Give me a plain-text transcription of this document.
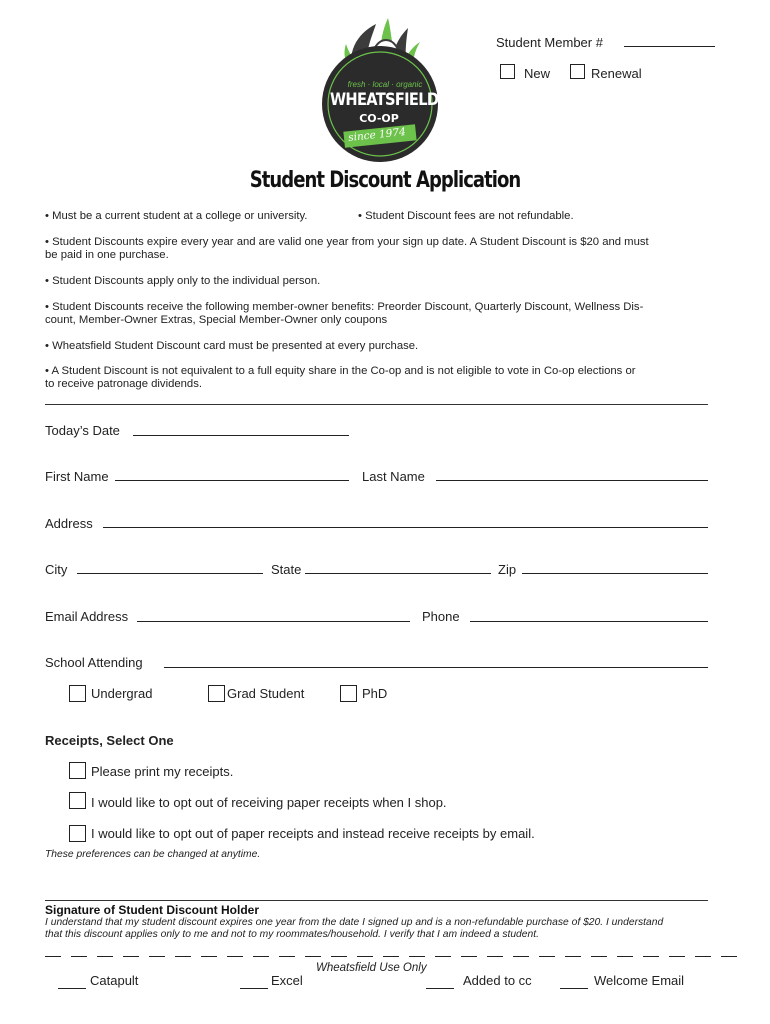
fresh · local · organic
WHEATSFIELD
CO-OP
since 1974
Student Member #
New	Renewal
Student Discount Application
• Must be a current student at a college or university.	• Student Discount fees are not refundable.
• Student Discounts expire every year and are valid one year from your sign up date. A Student Discount is $20 and must
be paid in one purchase.
• Student Discounts apply only to the individual person.
• Student Discounts receive the following member-owner benefits: Preorder Discount, Quarterly Discount, Wellness Dis-
count, Member-Owner Extras, Special Member-Owner only coupons
• Wheatsfield Student Discount card must be presented at every purchase.
• A Student Discount is not equivalent to a full equity share in the Co-op and is not eligible to vote in Co-op elections or
to receive patronage dividends.
Today’s Date
First Name	Last Name
Address
City	State	Zip
Email Address	Phone
School Attending
Undergrad	Grad Student	PhD
Receipts, Select One
Please print my receipts.
I would like to opt out of receiving paper receipts when I shop.
I would like to opt out of paper receipts and instead receive receipts by email.
These preferences can be changed at anytime.
Signature of Student Discount Holder
I understand that my student discount expires one year from the date I signed up and is a non-refundable purchase of $20. I understand
that this discount applies only to me and not to my roommates/household. I verify that I am indeed a student.
Wheatsfield Use Only
Catapult	Excel	Added to cc	Welcome Email
